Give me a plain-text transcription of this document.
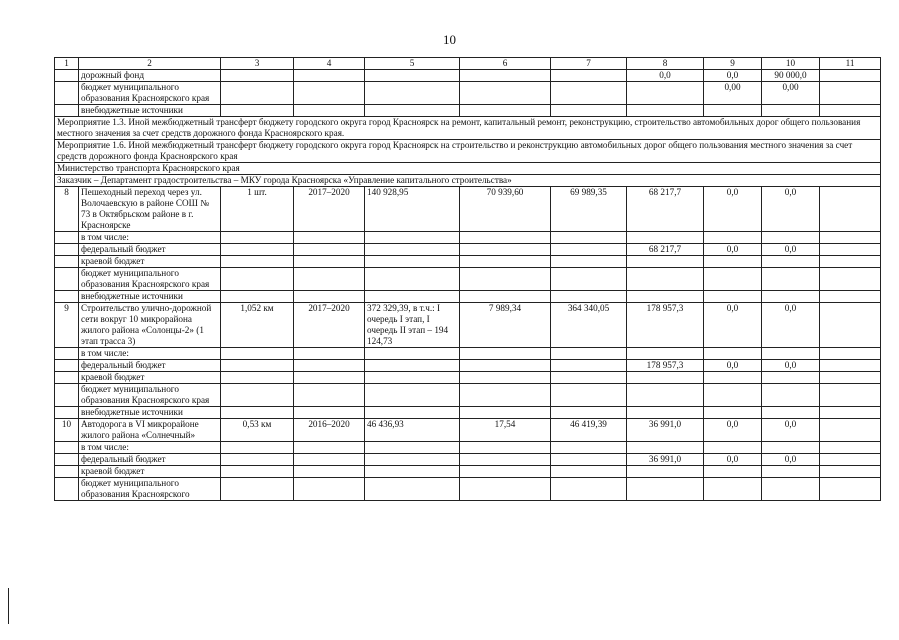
10
1	2	3	4	5	6	7	8	9	10	11
	дорожный фонд						0,0	0,0	90 000,0	
	бюджет муниципального образования Красноярского края							0,00	0,00	
	внебюджетные источники									
Мероприятие 1.3. Иной межбюджетный трансферт бюджету городского округа город Красноярск на ремонт, капитальный ремонт, реконструкцию, строительство автомобильных дорог общего пользования местного значения за счет средств дорожного фонда Красноярского края.										
Мероприятие 1.6. Иной межбюджетный трансферт бюджету городского округа город Красноярск на строительство и реконструкцию автомобильных дорог общего пользования местного значения за счет средств дорожного фонда Красноярского края										
Министерство транспорта Красноярского края										
Заказчик – Департамент градостроительства – МКУ города Красноярска «Управление капитального строительства»										
8	Пешеходный переход через ул. Волочаевскую в районе СОШ № 73 в Октябрьском районе в г. Красноярске	1 шт.	2017–2020	140 928,95	70 939,60	69 989,35	68 217,7	0,0	0,0	
	в том числе:									
	федеральный бюджет						68 217,7	0,0	0,0	
	краевой бюджет									
	бюджет муниципального образования Красноярского края									
	внебюджетные источники									
9	Строительство улично-дорожной сети вокруг 10 микрорайона жилого района «Солонцы-2» (1 этап трасса 3)	1,052 км	2017–2020	372 329,39, в т.ч.: I очередь I этап, I очередь II этап – 194 124,73	7 989,34	364 340,05	178 957,3	0,0	0,0	
	в том числе:									
	федеральный бюджет						178 957,3	0,0	0,0	
	краевой бюджет									
	бюджет муниципального образования Красноярского края									
	внебюджетные источники									
10	Автодорога в VI микрорайоне жилого района «Солнечный»	0,53 км	2016–2020	46 436,93	17,54	46 419,39	36 991,0	0,0	0,0	
	в том числе:									
	федеральный бюджет						36 991,0	0,0	0,0	
	краевой бюджет									
	бюджет муниципального образования Красноярского									
